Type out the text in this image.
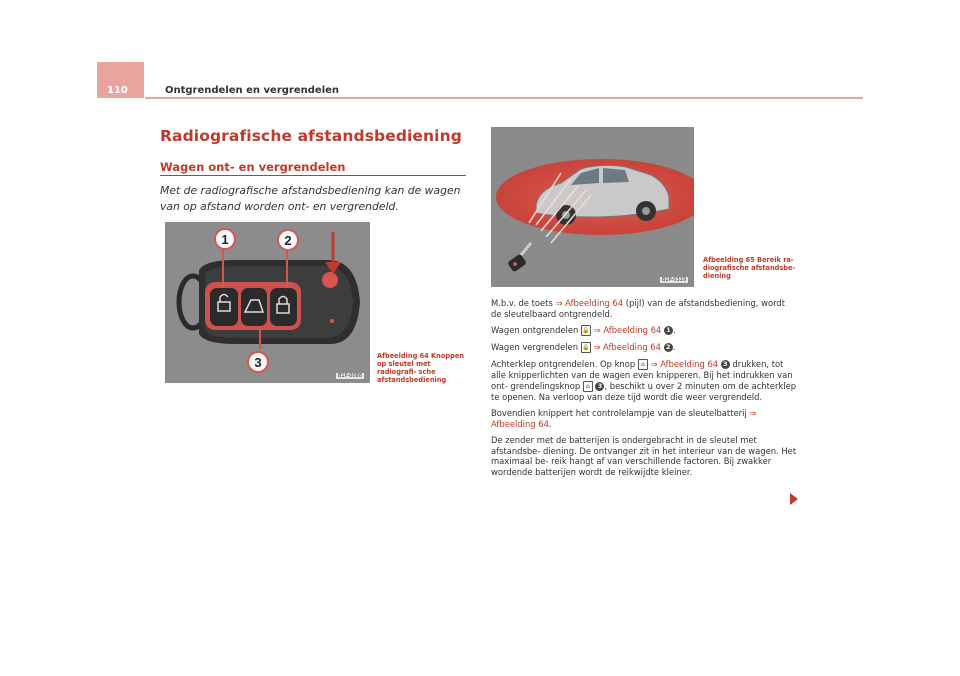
110	Ontgrendelen en vergrendelen
Radiografische afstandsbediening
Wagen ont- en vergrendelen
Met de radiografische afstandsbediening kan de wagen van op afstand worden ont- en vergrendeld.
1	2
3
B1P-0088
Afbeelding 64 Knoppen op sleutel met radiografi- sche afstandsbediening
B1P-0319
Afbeelding 65 Bereik ra- diografische afstandsbe- diening

M.b.v. de toets ⇒ Afbeelding 64 (pijl) van de afstandsbediening, wordt de sleutelbaard ontgrendeld.

Wagen ontgrendelen 🔓 ⇒ Afbeelding 64 1 .

Wagen vergrendelen 🔒 ⇒ Afbeelding 64 2 .

Achterklep ontgrendelen. Op knop ⌂ ⇒ Afbeelding 64 3 drukken, tot alle knipperlichten van de wagen even knipperen. Bij het indrukken van ont- grendelingsknop ⌂ 3 , beschikt u over 2 minuten om de achterklep te openen. Na verloop van deze tijd wordt die weer vergrendeld.

Bovendien knippert het controlelampje van de sleutelbatterij ⇒ Afbeelding 64.

De zender met de batterijen is ondergebracht in de sleutel met afstandsbe- diening. De ontvanger zit in het interieur van de wagen. Het maximaal be- reik hangt af van verschillende factoren. Bij zwakker wordende batterijen wordt de reikwijdte kleiner.
